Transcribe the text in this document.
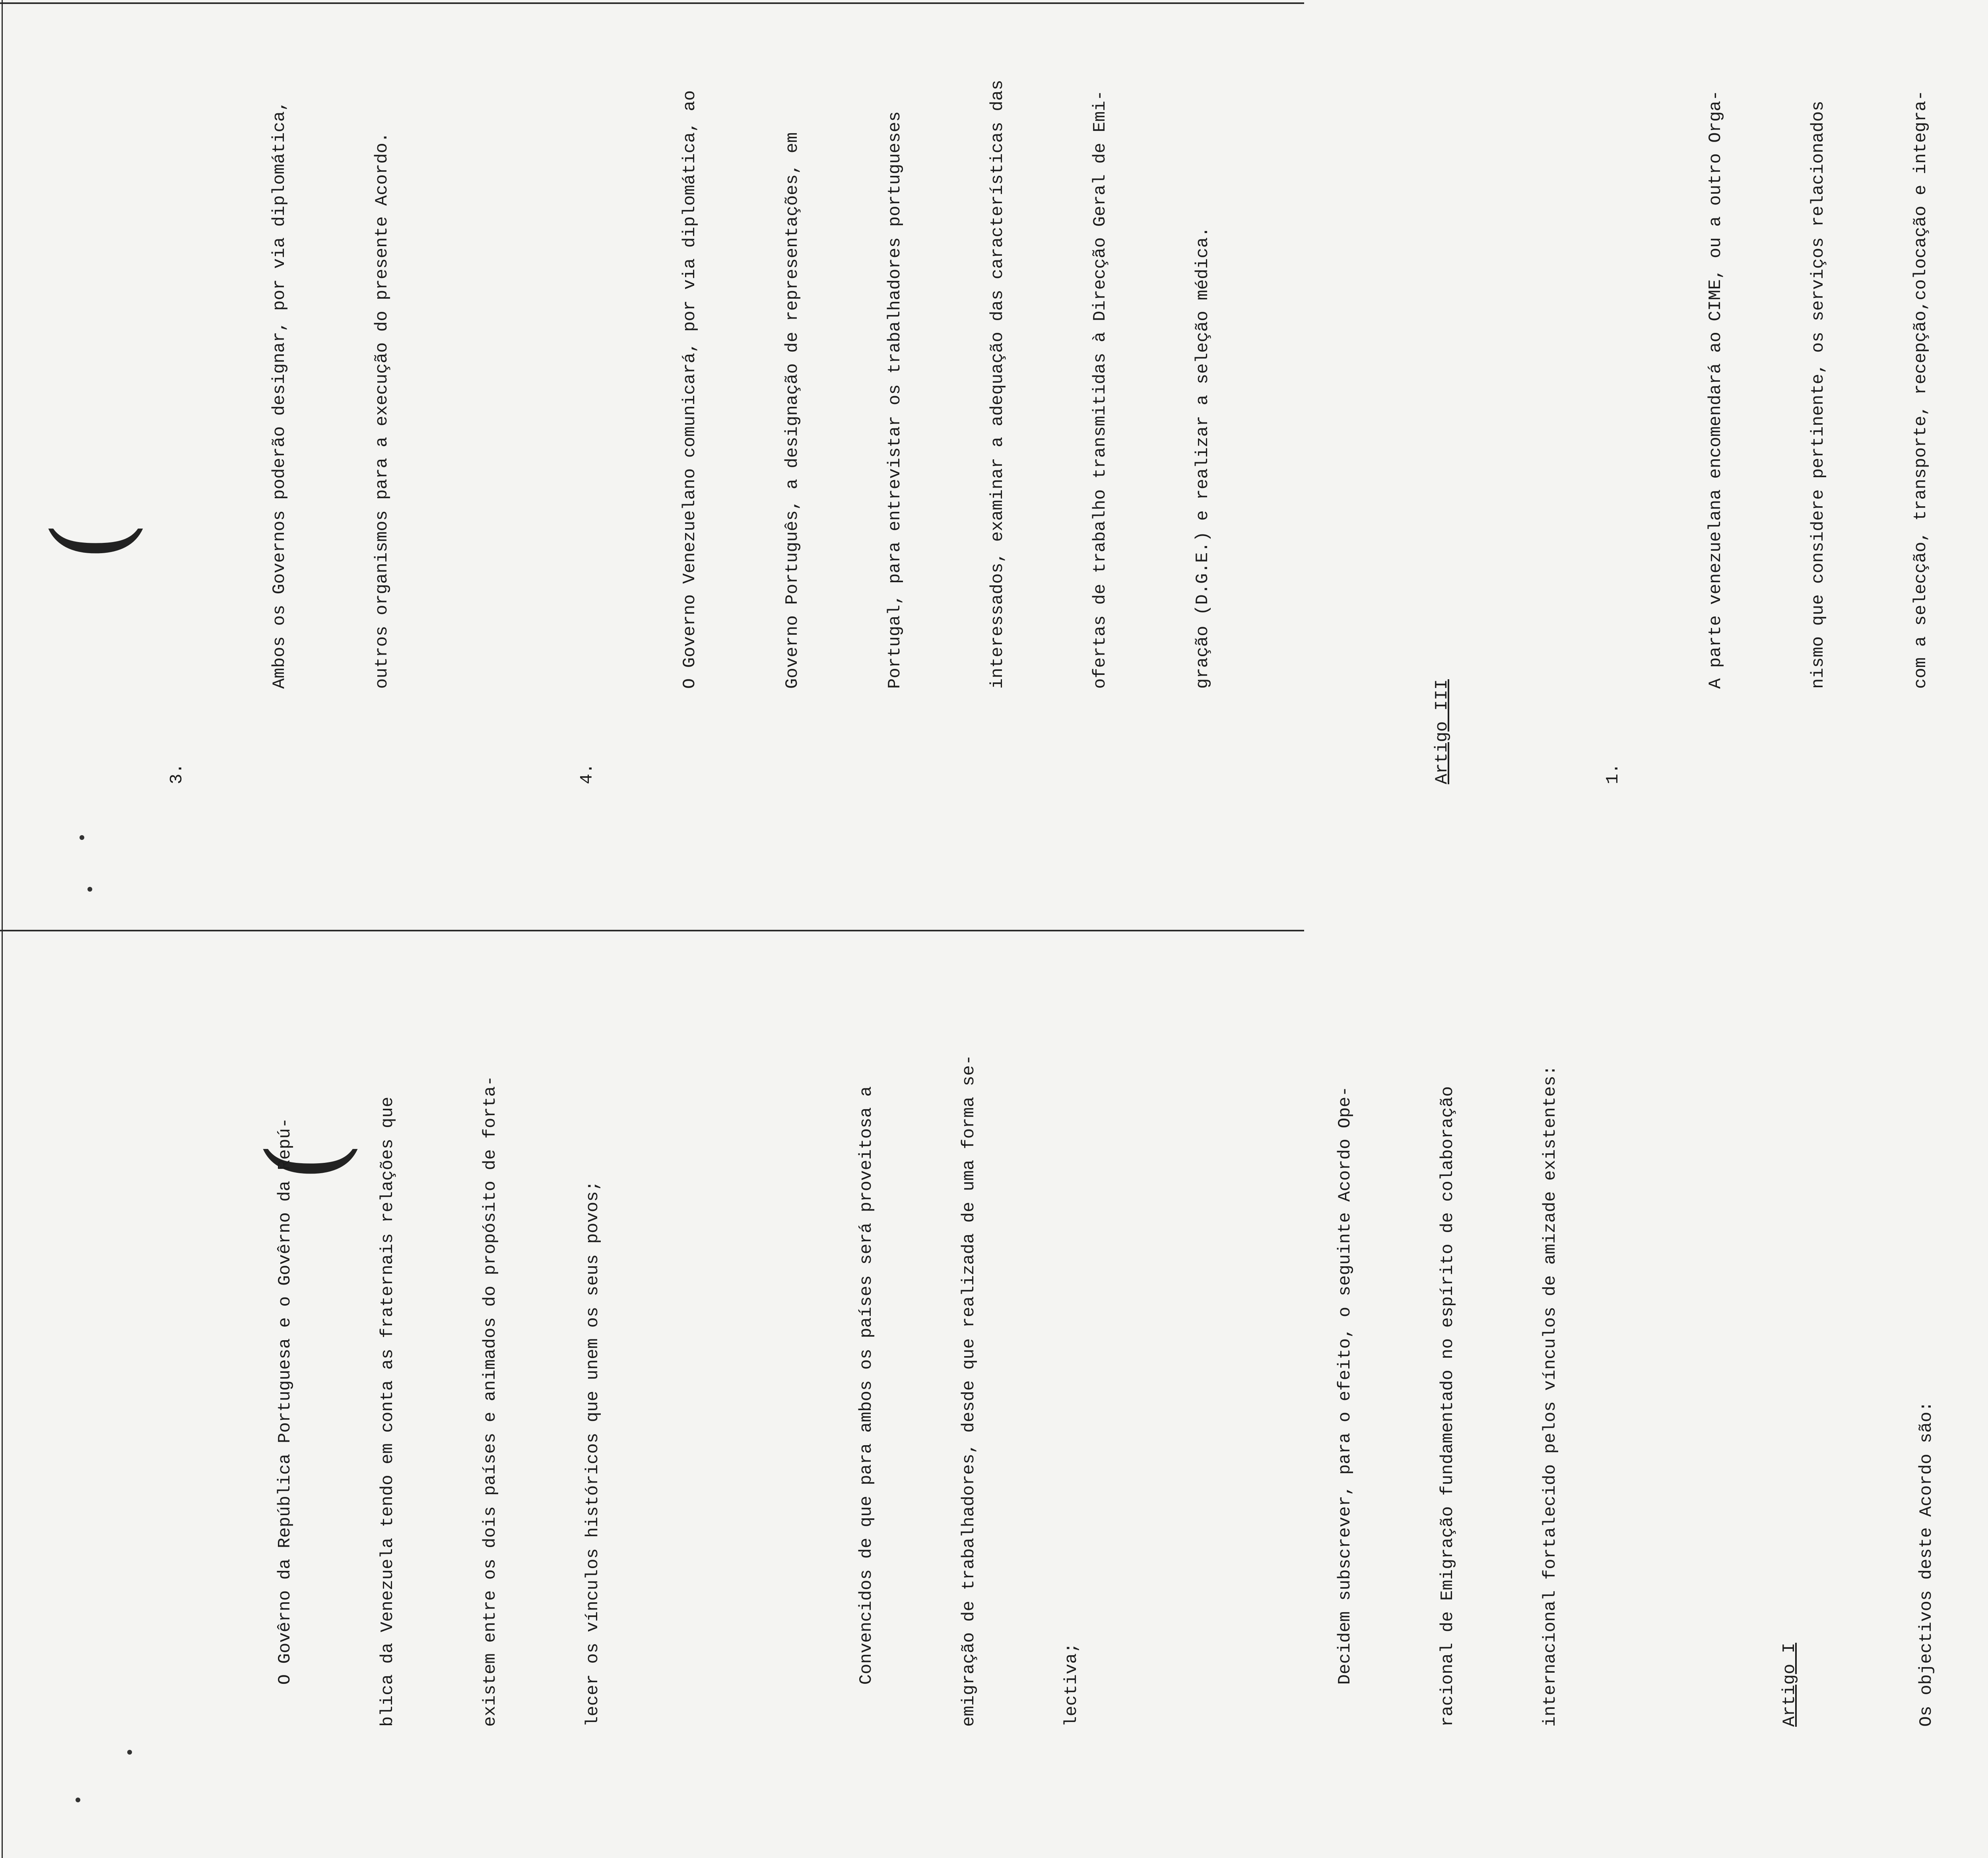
(

O Govêrno da República Portuguesa e o Govêrno da Repú-

	blica da Venezuela tendo em conta as fraternais relações que

	existem entre os dois países e animados do propósito de forta-

	lecer os vínculos históricos que unem os seus povos;

	Convencidos de que para ambos os países será proveitosa a

	emigração de trabalhadores, desde que realizada de uma forma se-

	lectiva;

	Decidem subscrever, para o efeito, o seguinte Acordo Ope-

	racional de Emigração fundamentado no espírito de colaboração

	internacional fortalecido pelos vínculos de amizade existentes:

	Artigo I

	Os objectivos deste Acordo são:

(

3.

Ambos os Governos poderão designar, por via diplomática,

	outros organismos para a execução do presente Acordo.

4.

O Governo Venezuelano comunicará, por via diplomática, ao

	Governo Português, a designação de representações, em

	Portugal, para entrevistar os trabalhadores portugueses

	interessados, examinar a adequação das características das

	ofertas de trabalho transmitidas à Direcção Geral de Emi-

	gração (D.G.E.) e realizar a seleção médica.

Artigo III

	1.

A parte venezuelana encomendará ao CIME, ou a outro Orga-

	nismo que considere pertinente, os serviços relacionados

	com a selecção, transporte, recepção,colocação e integra-
